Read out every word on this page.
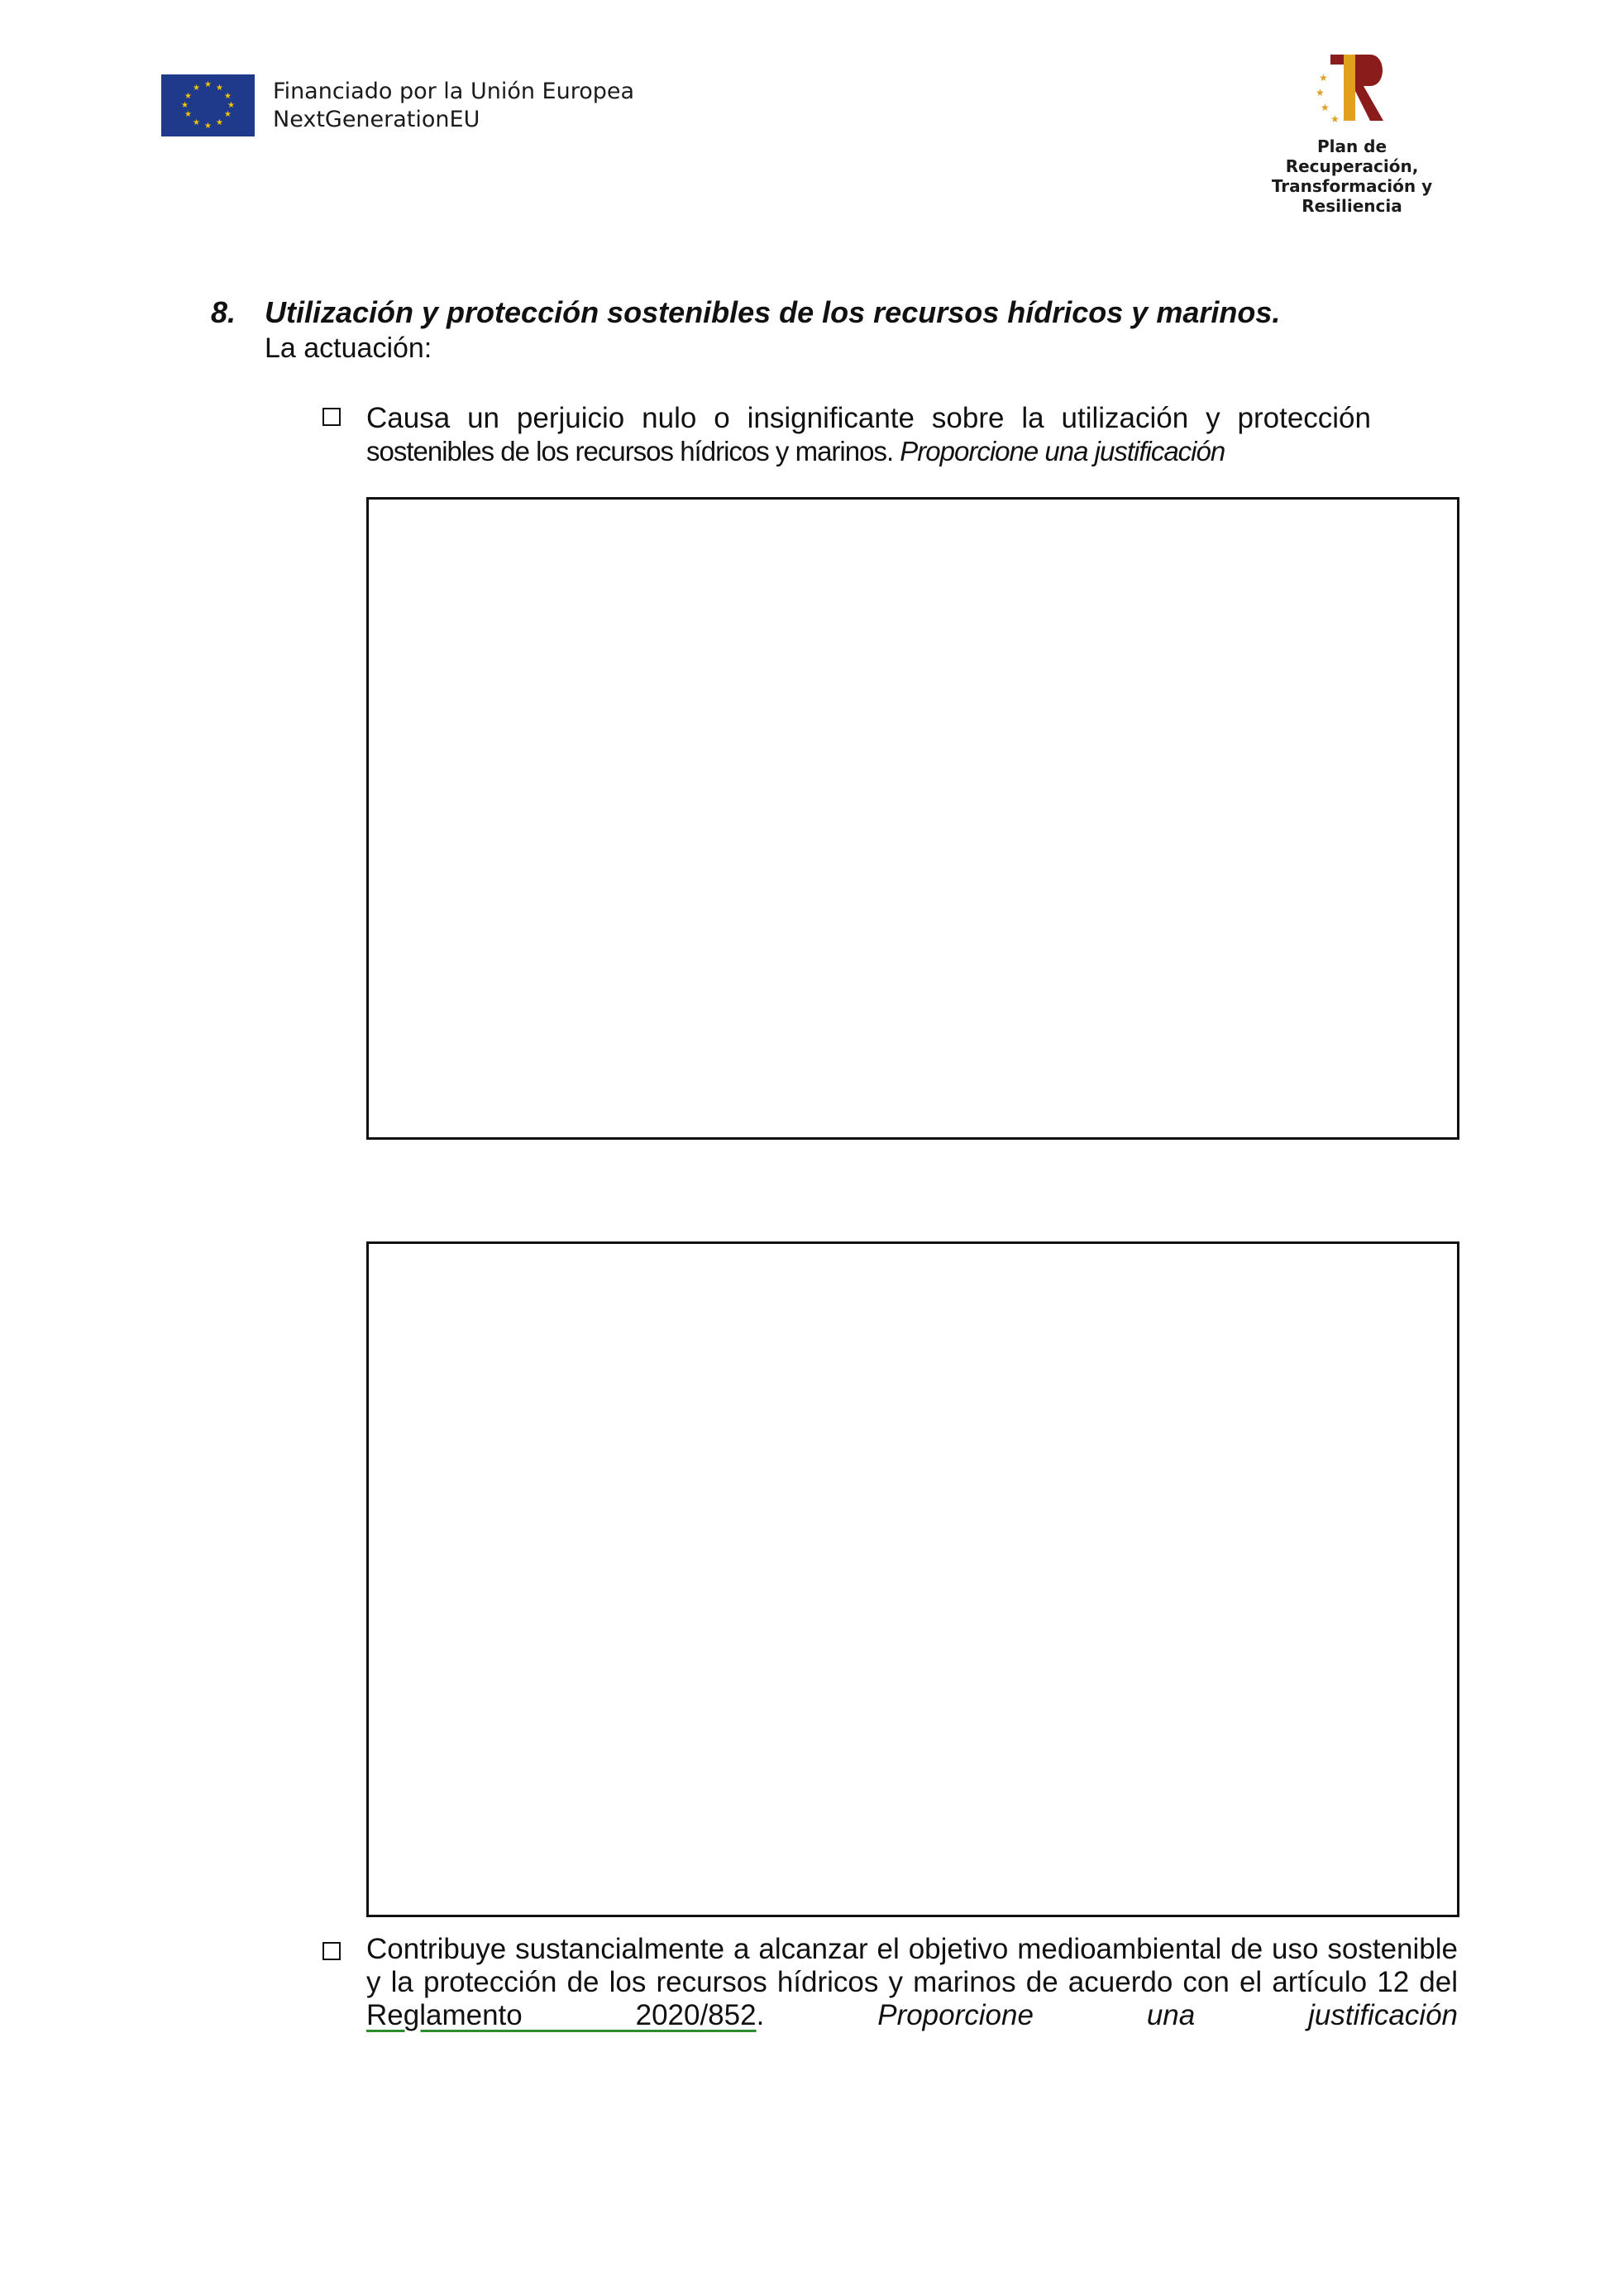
★ ★
★
★
★
★
★
★
★
★
★
★	Financiado por la Unión Europea
NextGenerationEU
★
★
★
★
Plan de Recuperación,
Transformación y
Resiliencia
8. Utilización y protección sostenibles de los recursos hídricos y marinos.
La actuación:
Causa un perjuicio nulo o insignificante sobre la utilización y protección
sostenibles de los recursos hídricos y marinos. Proporcione una justificación
Contribuye sustancialmente a alcanzar el objetivo medioambiental de uso sostenible y la protección de los recursos hídricos y marinos de acuerdo con el artículo 12 del Reglamento 2020/852.	Proporcione una justificación
